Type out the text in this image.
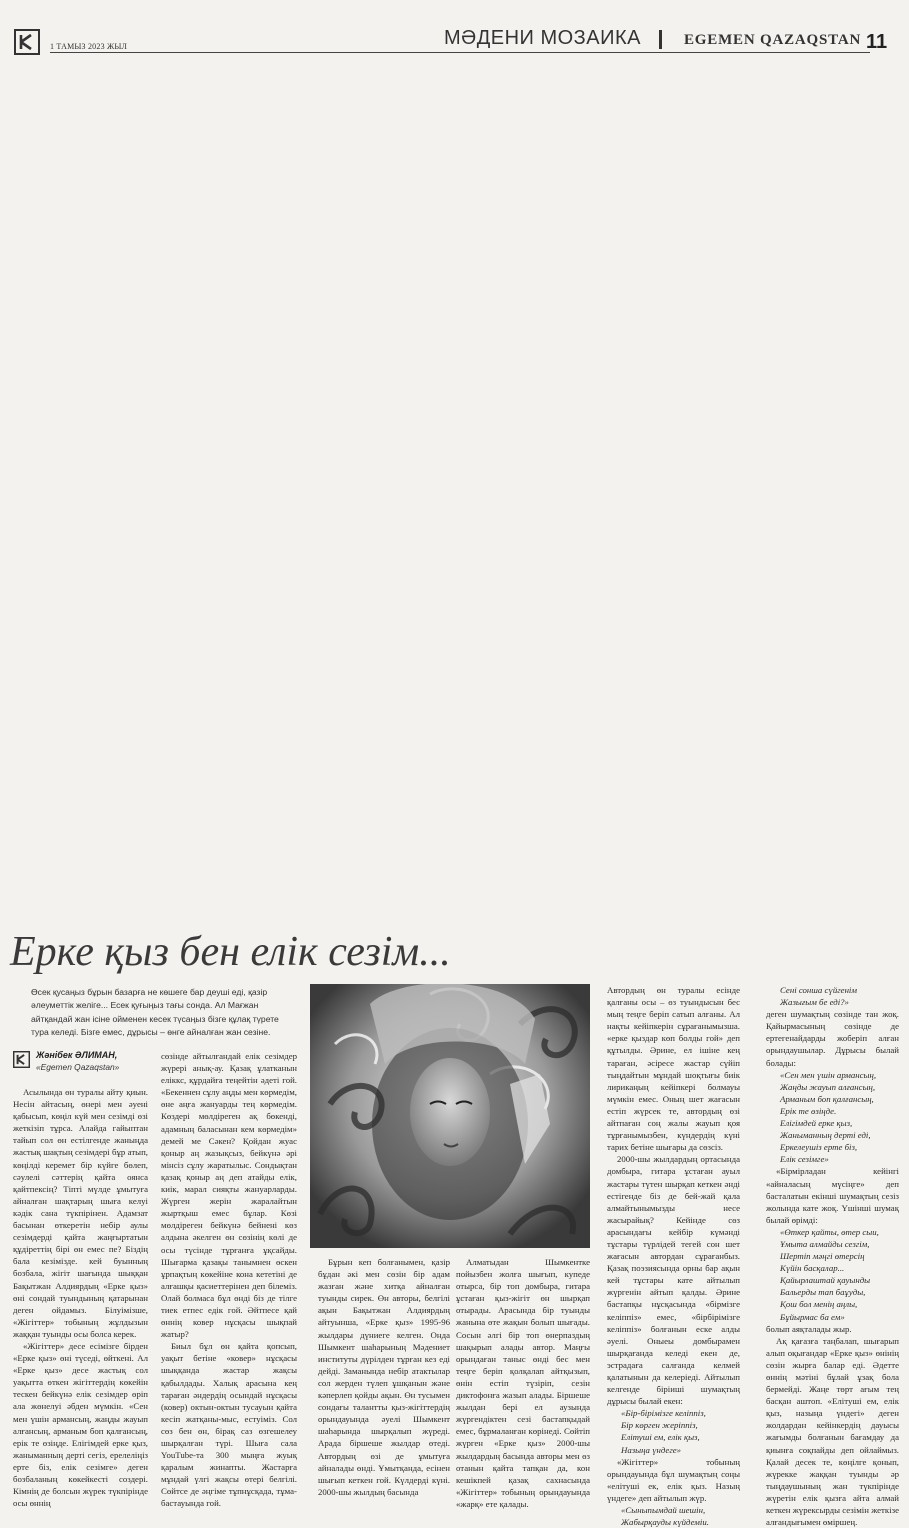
1 ТАМЫЗ 2023 ЖЫЛ	МӘДЕНИ МОЗАИКА	EGEMEN QAZAQSTAN 11
Ерке қыз бен елік сезім...
Өсек қусаңыз бұрын базарға не көшеге бар деуші еді, қазір әлеуметтік желіге... Есек қуғыңыз тағы сонда. Ал Мағжан айтқандай жан ісіне ойменен кесек түсаңыз бізге құлақ түрете тура келеді. Бізге емес, дұрысы – өнге айналған жан сезіне.
Жәнібек ӘЛИМАН,
«Egemen Qazaqstan»

Асылында өн туралы айту қиын. Несін айтасың, өнері мен әуені қабысып, көңіл күй мен сезімді өзі жеткізіп тұрса. Алайда гайыптан тайып сол өн естілгенде жаныңда жастық шақтың сезімдері бұр атып, көңілді керемет бір күйге бөлеп, сәулелі сәттерің қайта оянса қайтпексің? Тіпті мүлде ұмытуға айналған шақтарың шыға келуі кәдік сана түкпірінен. Адамзат басынан өткеретін небір аулы сезімдерді қайта жаңғыртатын құдіреттің бірі өн емес пе? Біздің бала кезімізде. кей буынның бозбала, жігіт шағында шыққан Бақытжан Алдиярдың «Ерке қыз» өні сондай туындының қатарынан деген ойдамыз. Білуімізше, «Жігіттер» тобының жұлдызын жаққан туынды осы болса керек.

«Жігіттер» десе есімізге бірден «Ерке қыз» өні түседі, өйткені. Ал «Ерке қыз» десе жастық сол уақытта өткен жігіттердің көкейін тескен бейкүнә елік сезімдер өріп ала жөнелуі әбден мүмкін. «Сен мен үшін армансың, жаңды жауып алғансың, арманым боп қалғансың, ерік те өзіңде. Елігімдей ерке қыз, жаныманның дерті сегіз, ерелеліңіз ерте біз, елік сезімге» деген бозбаланың көкейкесті создері. Кімнің де болсын жүрек түкпірінде осы өннің

сөзінде айтылғандай елік сезімдер жүрері анық-ау. Қазақ ұлатканын еліккс, құрдайға теңейтін әдеті гой. «Бекеннен сұлу аңды мен көрмедім, өне аңға жануарды тең көрмедім. Көздері мөлдіреген ақ бөкенді, адамның баласынан кем көрмедім» демей ме Сәкен? Қойдан жуас қоныр аң жазықсыз, бейкүнә әрі мінсіз сұлу жаратылыс. Сондықтан қазақ қоныр аң деп атайды елік, киік, марал сияқты жануарларды. Жүрген жерін жаралайтын жыртқыш емес бұлар. Көзі мөлдіреген бейкүнә бейнені көз алдына әкелген өн сөзінің көлі де осы түсінде тұрғанға ұқсайды. Шығарма қазақы танымнен өскен ұрпақтың көкейіне кона кететіні де алғашқы қасиеттерінен деп білеміз. Олай болмаса бұл өнді біз де тілге тиек етпес едік гой. Әйтпесе қай өннің ковер нұсқасы шықпай жатыр?

Биыл бұл өн қайта қопсып, уақыт бетіне «ковер» нұсқасы шыққанда жастар жақсы қабылдады. Халық арасына кең тараған әндердің осындай нұсқасы (ковер) октын-октын тусауын қайта кесіп жатқаны-мыс, естуіміз. Сол сөз бен өн, бірақ саз өзгешелеу шырқалған түрі. Шыға сала YouTube-та 300 мыңға жуық қаралым жинапты. Жастарға мұндай үлгі жақсы өтері белгілі. Сөйтсе де әңгіме тұпнұсқада, тұма-бастауында гой.

Бұрын кеп болғанымен, қазір бұдан әкі мен сөзін бір адам жазған және хитқа айналған туынды сирек. Өн авторы, белгілі ақын Бақытжан Алдиярдың айтуынша, «Ерке қыз» 1995-96 жылдары дүниеге келген. Онда Шымкент шаһарының Мәдениет институты дүрілден тұрған кез еді дейді. Заманында небір атактылар сол жерден түлеп ұшқанын және кәперлеп қойды ақын. Өн тусымен сондағы талантты қыз-жігіттердің орындауында әуелі Шымкент шаһарында шырқалып жүреді. Арада біршеше жылдар өтеді. Автордың өзі де ұмытуға айналады өнді. Ұмытқанда, есінен шығып кеткен гой. Күлдерді күні. 2000-шы жылдың басында

Алматыдан Шымкентке пойызбен жолға шығып, купеде отырса, бір топ домбыра, гитара ұстаған қыз-жігіт өн шырқап отырады. Арасында бір туынды жанына өте жақын болып шығады. Сосын әлгі бір топ өнерпаздың шақырып алады автор. Маңғы орындаған таныс өнді бес мен теңге беріп қолқалап айтқызып, өнін естіп түзіріп, сезін диктофонға жазып алады. Біршеше жылдан бері ел аузында жүргендіктен сезі бастапқыдай емес, бұрмаланған көрінеді. Сөйтіп жүрген «Ерке қыз» 2000-шы жылдардың басында авторы мен өз отанын қайта тапқан да, кон кешікпей қазақ сахнасында «Жігіттер» тобының орындауында «жарқ» ете қалады.

Автордың өн туралы есінде қалғаны осы – өз туындысын бес мың теңге беріп сатып алғаны. Ал нақты кейіпкерін сұрағанымызша. «ерке қыздар көп болды гой» деп құтылды. Әрине, ел ішіне кең тараған, әсіресе жастар сүйіп тыңдайтын мұндай шоқтығы биік лирикаңың кейіпкері болмауы мүмкін емес. Оның шет жағасын естіп жүрсек те, автордың өзі айтпаған соң жалы жауып қоя тұрғанымызбен, күндердің күні тарих бетіне шығары да сөзсіз.

2000-шы жылдардың ортасында домбыра, гитара ұстаған ауыл жастары түтен шырқап кеткен әнді естігенде біз де бей-жай қала алмайтынымызды несе жасырайық? Кейінде сөз арасындағы кейбір күмәнді тұстары түрлідей тегей сон шет жағасын автордан сұрағанбыз. Қазақ поэзиясында орны бар ақын кей тұстары кате айтылып жүргенін айтып қалды. Әрине бастапқы нұсқасында «бірмізге келіппіз» емес, «бірбірімізге келіппіз» болғанын еске алды әуелі. Оныеы домбырамен шырқағанда келеді екен де, эстрадаға салғанда келмей қалатынын да келеріеді. Айтылып келгенде біріиші шумақтың дұрысы былай екен:

«Бір-бірімізге келіппіз,
Бір көрген жеріппіз,
Елітуші ем, елік қыз,
Назыңа үндеге»

«Жігіттер» тобының орындауында бұл шумақтың соңы «елітуші ек, елік қыз. Назың үндеге» деп айтылып жүр.

«Сыныпымдай шешін,
Жабырқауды күйдеміи.
Сені соншa сүйгенім
Жазығым бе еді?»

деген шумақтың сөзінде тан жоқ. Қайырмасының сөзінде де ертегенайдарды жоберіп алған орындаушылар. Дұрысы былай болады:

«Сен мен үшін армансың,
Жаңды жауып алғансың,
Арманым боп қалғансың,
Ерік те өзіңде.
Елігімдей ерке қыз,
Жаныманның дерті еді,
Еркелеушіз ерте біз,
Елік сезімге»

«Бірмірладан кейінгі «айналасың мүсіңге» деп басталатын екінші шумақтың сезіз жолында кате жоқ. Үшінші шумақ былай өрімді:

«Өткер қайты, өтер сыи,
Ұмыта алмайды сезгім,
Шертіп мәңгі өтерсің
Күйін басқалар...
Қайырлаштай қауынды
Бальерды тап баұуды,
Қош бол менің аңлы,
Бұйырмас ба ем»

болып аяқталады жыр.

Ақ қағазға таңбалап, шығарып алып оқығандар «Ерке қыз» өнінің сөзін жырға балар еді. Әдетте өннің мәтіні бұлай ұзақ бола бермейді. Жаңе төрт ағым тең басқан аштоп. «Елітуші ем, елік қыз, назыңа үндегі» деген жолдардан кейінкердің дауысы жағымды болғанын бағамдау да қиынға соқпайды деп ойлаймыз. Қалай десек те, көңілге қонып, жүрекке жаққан туынды әр тыңдаушының жан түкпірінде жүретін елік қызға айта алмай кеткен жүрексырды сезімін жеткізе алғандығымен өміршең.
